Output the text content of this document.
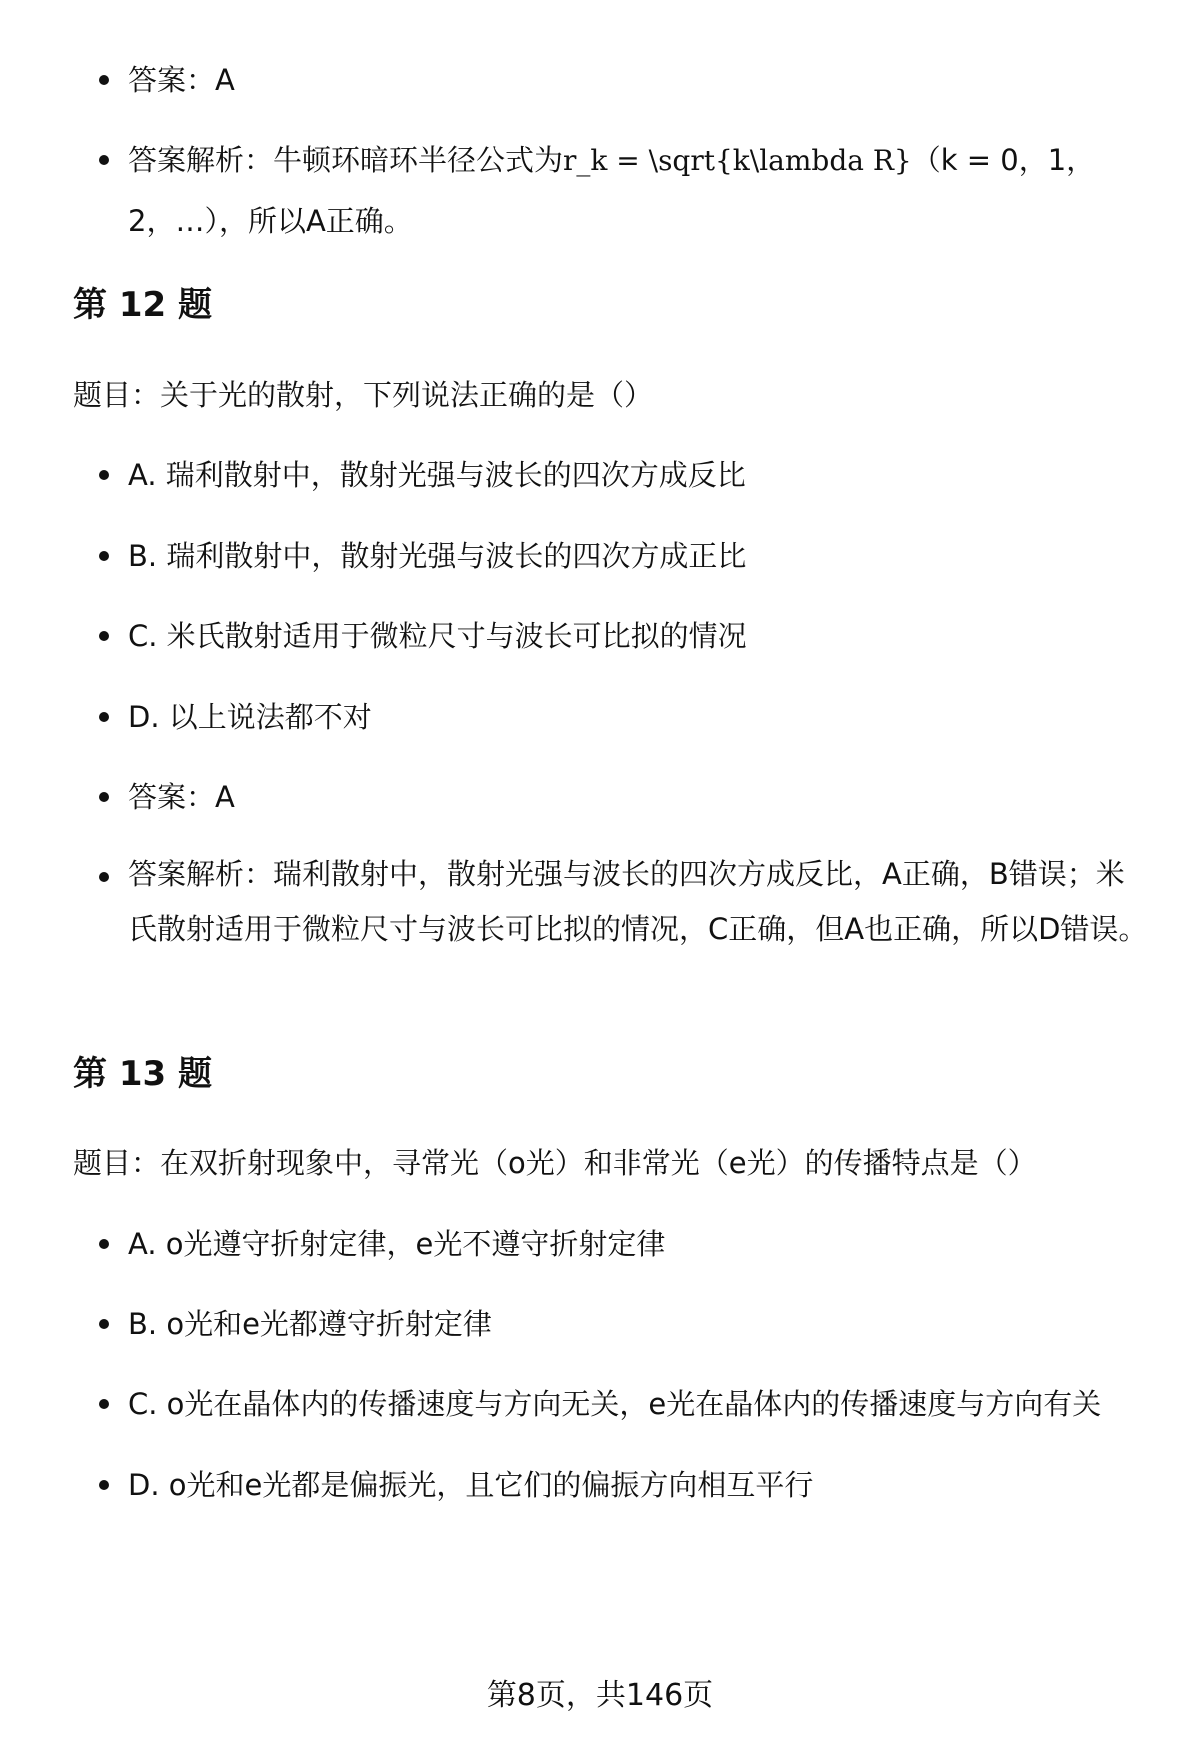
答案：A
答案解析：牛顿环暗环半径公式为r_k = \sqrt{k\lambda R}（k = 0，1，2，…），所以A正确。
第 12 题
题目：关于光的散射，下列说法正确的是（）
A. 瑞利散射中，散射光强与波长的四次方成反比
B. 瑞利散射中，散射光强与波长的四次方成正比
C. 米氏散射适用于微粒尺寸与波长可比拟的情况
D. 以上说法都不对
答案：A
答案解析：瑞利散射中，散射光强与波长的四次方成反比，A正确，B错误；米氏散射适用于微粒尺寸与波长可比拟的情况，C正确，但A也正确，所以D错误。
第 13 题
题目：在双折射现象中，寻常光（o光）和非常光（e光）的传播特点是（）
A. o光遵守折射定律，e光不遵守折射定律
B. o光和e光都遵守折射定律
C. o光在晶体内的传播速度与方向无关，e光在晶体内的传播速度与方向有关
D. o光和e光都是偏振光，且它们的偏振方向相互平行
第8页，共146页
